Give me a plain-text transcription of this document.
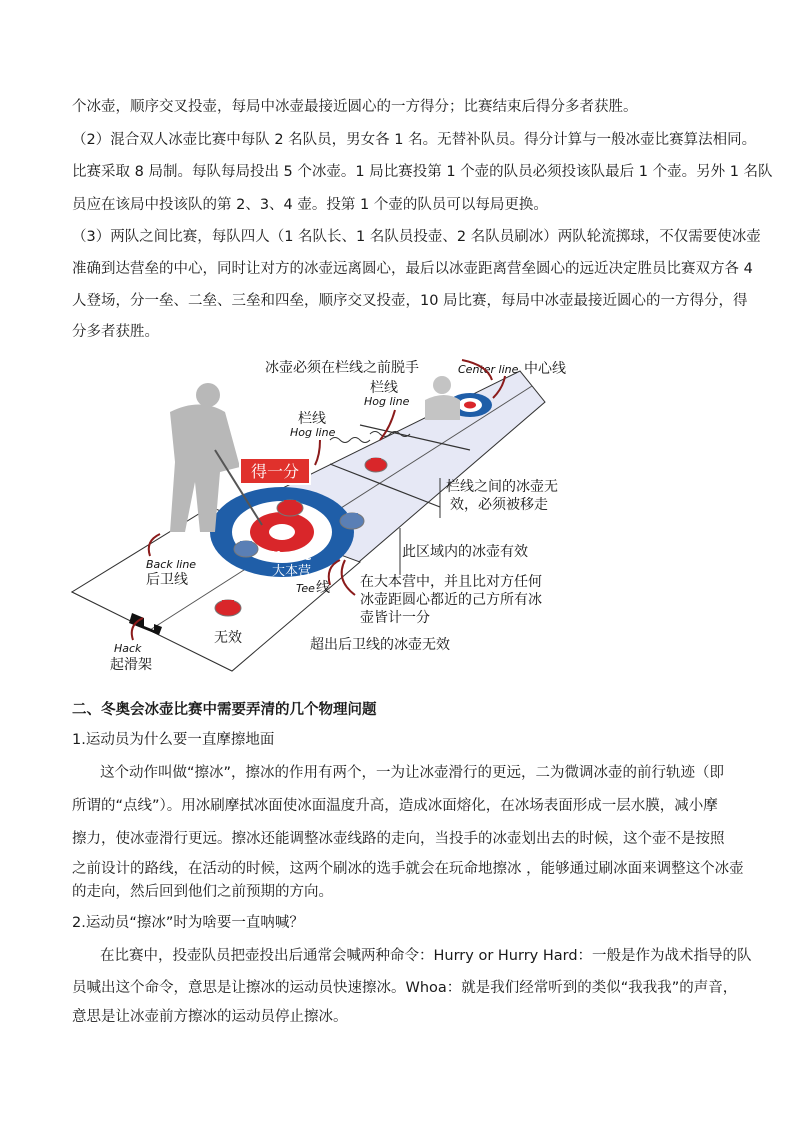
个冰壶，顺序交叉投壶，每局中冰壶最接近圆心的一方得分；比赛结束后得分多者获胜。
（2）混合双人冰壶比赛中每队 2 名队员，男女各 1 名。无替补队员。得分计算与一般冰壶比赛算法相同。
比赛采取 8 局制。每队每局投出 5 个冰壶。1 局比赛投第 1 个壶的队员必须投该队最后 1 个壶。另外 1 名队
员应在该局中投该队的第 2、3、4 壶。投第 1 个壶的队员可以每局更换。
（3）两队之间比赛，每队四人（1 名队长、1 名队员投壶、2 名队员刷冰）两队轮流掷球，不仅需要使冰壶
准确到达营垒的中心，同时让对方的冰壶远离圆心，最后以冰壶距离营垒圆心的远近决定胜员比赛双方各 4
人登场，分一垒、二垒、三垒和四垒，顺序交叉投壶，10 局比赛，每局中冰壶最接近圆心的一方得分，得
分多者获胜。
得一分
冰壶必须在栏线之前脱手
栏线
Hog line
Center line 中心线
栏线
Hog line
栏线之间的冰壶无
效，必须被移走
此区域内的冰壶有效
Back line
后卫线
House
大本营
Tee 线 在大本营中，并且比对方任何
冰壶距圆心都近的己方所有冰
壶皆计一分
Hack
起滑架
无效	超出后卫线的冰壶无效
二、冬奥会冰壶比赛中需要弄清的几个物理问题
1.运动员为什么要一直摩擦地面
这个动作叫做“擦冰”，擦冰的作用有两个，一为让冰壶滑行的更远，二为微调冰壶的前行轨迹（即
所谓的“点线”）。用冰刷摩拭冰面使冰面温度升高，造成冰面熔化，在冰场表面形成一层水膜，减小摩
擦力，使冰壶滑行更远。擦冰还能调整冰壶线路的走向，当投手的冰壶划出去的时候，这个壶不是按照
之前设计的路线，在活动的时候，这两个刷冰的选手就会在玩命地擦冰 ，能够通过刷冰面来调整这个冰壶
的走向，然后回到他们之前预期的方向。
2.运动员“擦冰”时为啥要一直呐喊？
在比赛中，投壶队员把壶投出后通常会喊两种命令：Hurry or Hurry Hard：一般是作为战术指导的队
员喊出这个命令，意思是让擦冰的运动员快速擦冰。Whoa：就是我们经常听到的类似“我我我”的声音，
意思是让冰壶前方擦冰的运动员停止擦冰。
